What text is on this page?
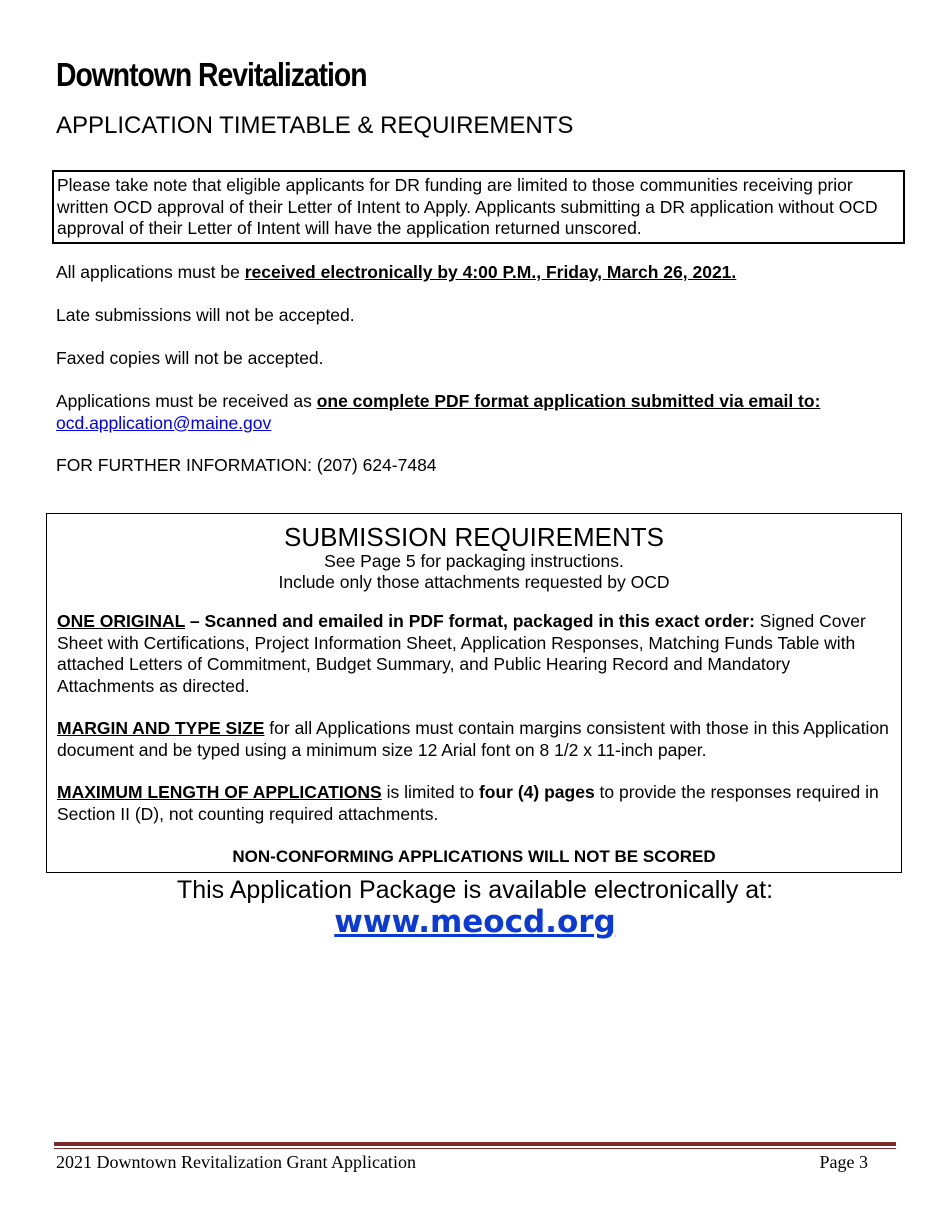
Downtown Revitalization
APPLICATION TIMETABLE & REQUIREMENTS
Please take note that eligible applicants for DR funding are limited to those communities receiving prior written OCD approval of their Letter of Intent to Apply. Applicants submitting a DR application without OCD approval of their Letter of Intent will have the application returned unscored.

All applications must be received electronically by 4:00 P.M., Friday, March 26, 2021.

Late submissions will not be accepted.

Faxed copies will not be accepted.

Applications must be received as one complete PDF format application submitted via email to:
ocd.application@maine.gov

FOR FURTHER INFORMATION: (207) 624-7484

SUBMISSION REQUIREMENTS

See Page 5 for packaging instructions.

Include only those attachments requested by OCD

ONE ORIGINAL – Scanned and emailed in PDF format, packaged in this exact order: Signed Cover Sheet with Certifications, Project Information Sheet, Application Responses, Matching Funds Table with attached Letters of Commitment, Budget Summary, and Public Hearing Record and Mandatory Attachments as directed.

MARGIN AND TYPE SIZE for all Applications must contain margins consistent with those in this Application document and be typed using a minimum size 12 Arial font on 8 1/2 x 11-inch paper.

MAXIMUM LENGTH OF APPLICATIONS is limited to four (4) pages to provide the responses required in Section II (D), not counting required attachments.

NON-CONFORMING APPLICATIONS WILL NOT BE SCORED

This Application Package is available electronically at:

www.meocd.org

2021 Downtown Revitalization Grant Application	Page 3
